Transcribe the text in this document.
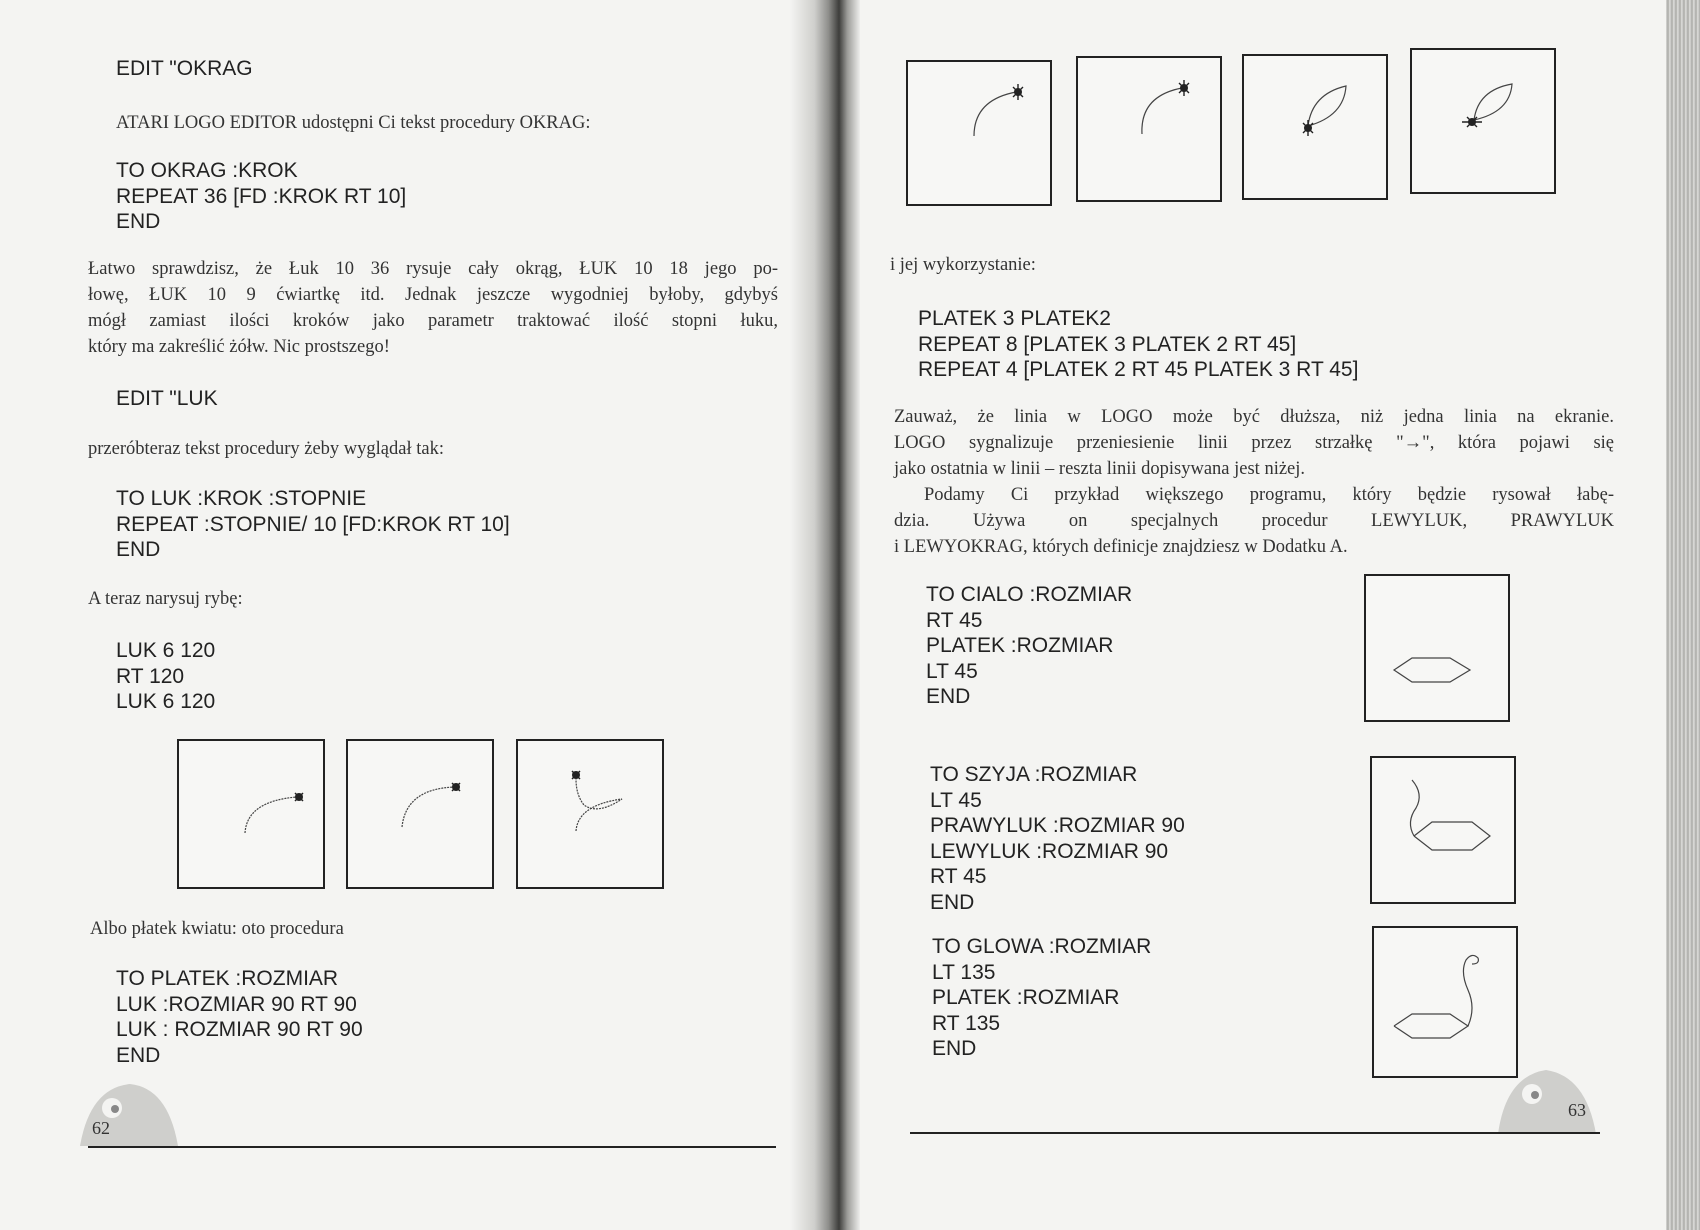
EDIT "OKRAG
ATARI LOGO EDITOR udostępni Ci tekst procedury OKRAG:
TO OKRAG :KROK
REPEAT 36 [FD :KROK RT 10]
END
Łatwo sprawdzisz, że Łuk 10 36 rysuje cały okrąg, ŁUK 10 18 jego po-
łowę, ŁUK 10 9 ćwiartkę itd. Jednak jeszcze wygodniej byłoby, gdybyś
mógł zamiast ilości kroków jako parametr traktować ilość stopni łuku,
który ma zakreślić żółw. Nic prostszego!
EDIT "LUK
przeróbteraz tekst procedury żeby wyglądał tak:
TO LUK :KROK :STOPNIE
REPEAT :STOPNIE/ 10 [FD:KROK RT 10]
END
A teraz narysuj rybę:
LUK 6 120
RT 120
LUK 6 120
Albo płatek kwiatu: oto procedura
TO PLATEK :ROZMIAR
LUK :ROZMIAR 90 RT 90
LUK : ROZMIAR 90 RT 90
END
62
i jej wykorzystanie:
PLATEK 3 PLATEK2
REPEAT 8 [PLATEK 3 PLATEK 2 RT 45]
REPEAT 4 [PLATEK 2 RT 45 PLATEK 3 RT 45]
Zauważ, że linia w LOGO może być dłuższa, niż jedna linia na ekranie.
LOGO sygnalizuje przeniesienie linii przez strzałkę "→", która pojawi się
jako ostatnia w linii – reszta linii dopisywana jest niżej.
Podamy Ci przykład większego programu, który będzie rysował łabę-
dzia. Używa on specjalnych procedur LEWYLUK, PRAWYLUK
i LEWYOKRAG, których definicje znajdziesz w Dodatku A.
TO CIALO :ROZMIAR
RT 45
PLATEK :ROZMIAR
LT 45
END
TO SZYJA :ROZMIAR
LT 45
PRAWYLUK :ROZMIAR 90
LEWYLUK :ROZMIAR 90
RT 45
END
TO GLOWA :ROZMIAR
LT 135
PLATEK :ROZMIAR
RT 135
END
63
